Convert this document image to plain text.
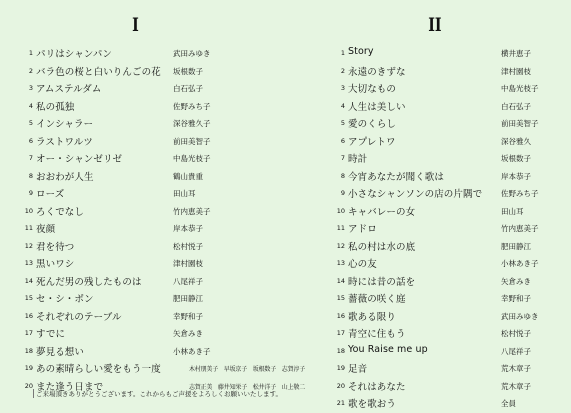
I	II
1 パリはシャンパン	武田みゆき
2 バラ色の桜と白いりんごの花 坂根数子
3 アムステルダム	白石弘子
4 私の孤独	佐野みち子
5 インシャラー	深谷雅久子
6 ラストワルツ	前田美智子
7 オー・シャンゼリゼ	中島光枝子
8 おおわが人生	鶴山貴重
9 ローズ	田山耳
10 ろくでなし	竹内恵美子
11 夜顔	岸本恭子
12 君を待つ	松村悦子
13 黒いワシ	津村園枝
14 死んだ男の残したものは	八尾祥子
15 セ・シ・ボン	肥田静江
16 それぞれのテーブル	幸野和子
17 すでに	矢倉みき
18 夢見る想い	小林あき子
19 あの素晴らしい愛をもう一度	木村朋美子　早坂京子　坂根数子　志賀淳子
20 また逢う日まで	志賀正美　藤井知栄子　松井洋子　山上敬二
1 Story	横井恵子
2 永遠のきずな	津村園枝
3 大切なもの	中島光枝子
4 人生は美しい	白石弘子
5 愛のくらし	前田美智子
6 アプレトワ	深谷雅久
7 時計	坂根数子
8 今宵あなたが聞く歌は	岸本恭子
9 小さなシャンソンの店の片隅で	佐野みち子
10 キャバレーの女	田山耳
11 アドロ	竹内恵美子
12 私の村は水の底	肥田静江
13 心の友	小林あき子
14 時には昔の話を	矢倉みき
15 薔薇の咲く庭	幸野和子
16 歌ある限り	武田みゆき
17 青空に住もう	松村悦子
18 You Raise me up	八尾祥子
19 足音	荒木章子
20 それはあなた	荒木章子
21 歌を歌おう	全員
ご来場頂きありがとうございます。これからもご声援をよろしくお願いいたします。
